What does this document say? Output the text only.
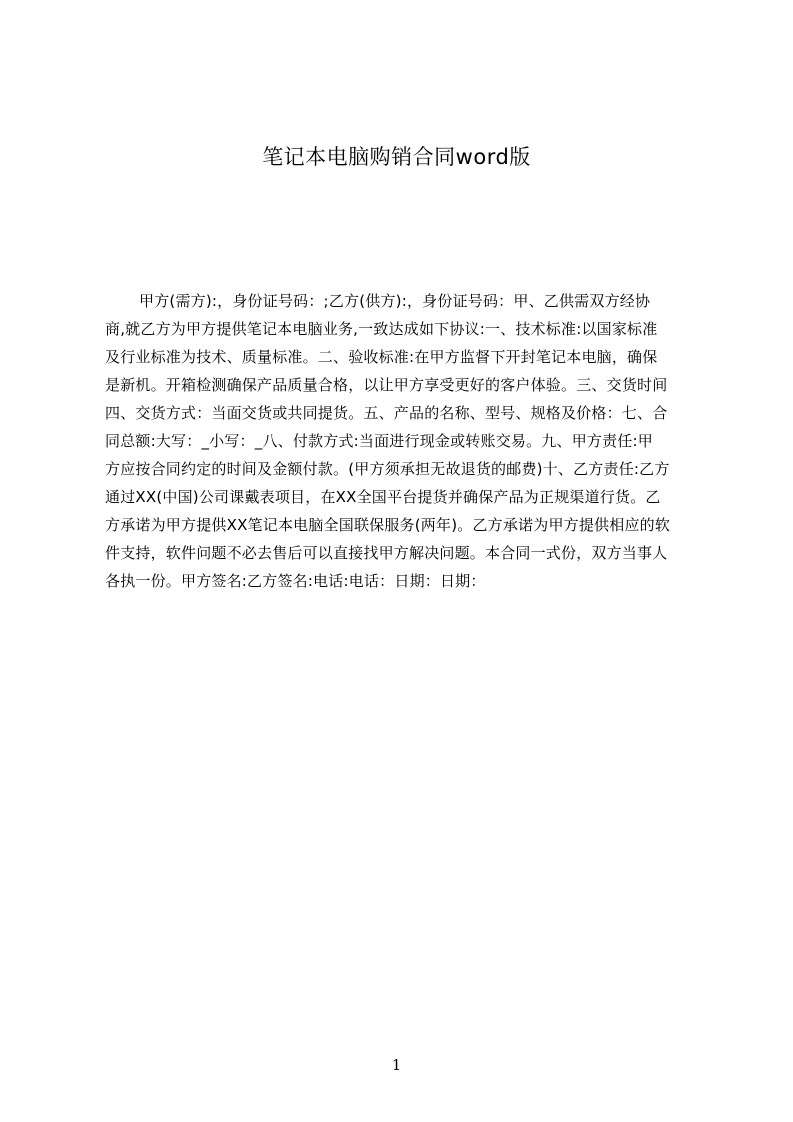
笔记本电脑购销合同word版
甲方(需方):，身份证号码：;乙方(供方):，身份证号码：甲、乙供需双方经协
商,就乙方为甲方提供笔记本电脑业务,一致达成如下协议:一、技术标准:以国家标准
及行业标准为技术、质量标准。二、验收标准:在甲方监督下开封笔记本电脑，确保
是新机。开箱检测确保产品质量合格，以让甲方享受更好的客户体验。三、交货时间
四、交货方式：当面交货或共同提货。五、产品的名称、型号、规格及价格：七、合
同总额:大写：_小写：_八、付款方式:当面进行现金或转账交易。九、甲方责任:甲
方应按合同约定的时间及金额付款。(甲方须承担无故退货的邮费)十、乙方责任:乙方
通过XX(中国)公司课戴表项目，在XX全国平台提货并确保产品为正规渠道行货。乙
方承诺为甲方提供XX笔记本电脑全国联保服务(两年)。乙方承诺为甲方提供相应的软
件支持，软件问题不必去售后可以直接找甲方解决问题。本合同一式份，双方当事人
各执一份。甲方签名:乙方签名:电话:电话：日期：日期：
1
